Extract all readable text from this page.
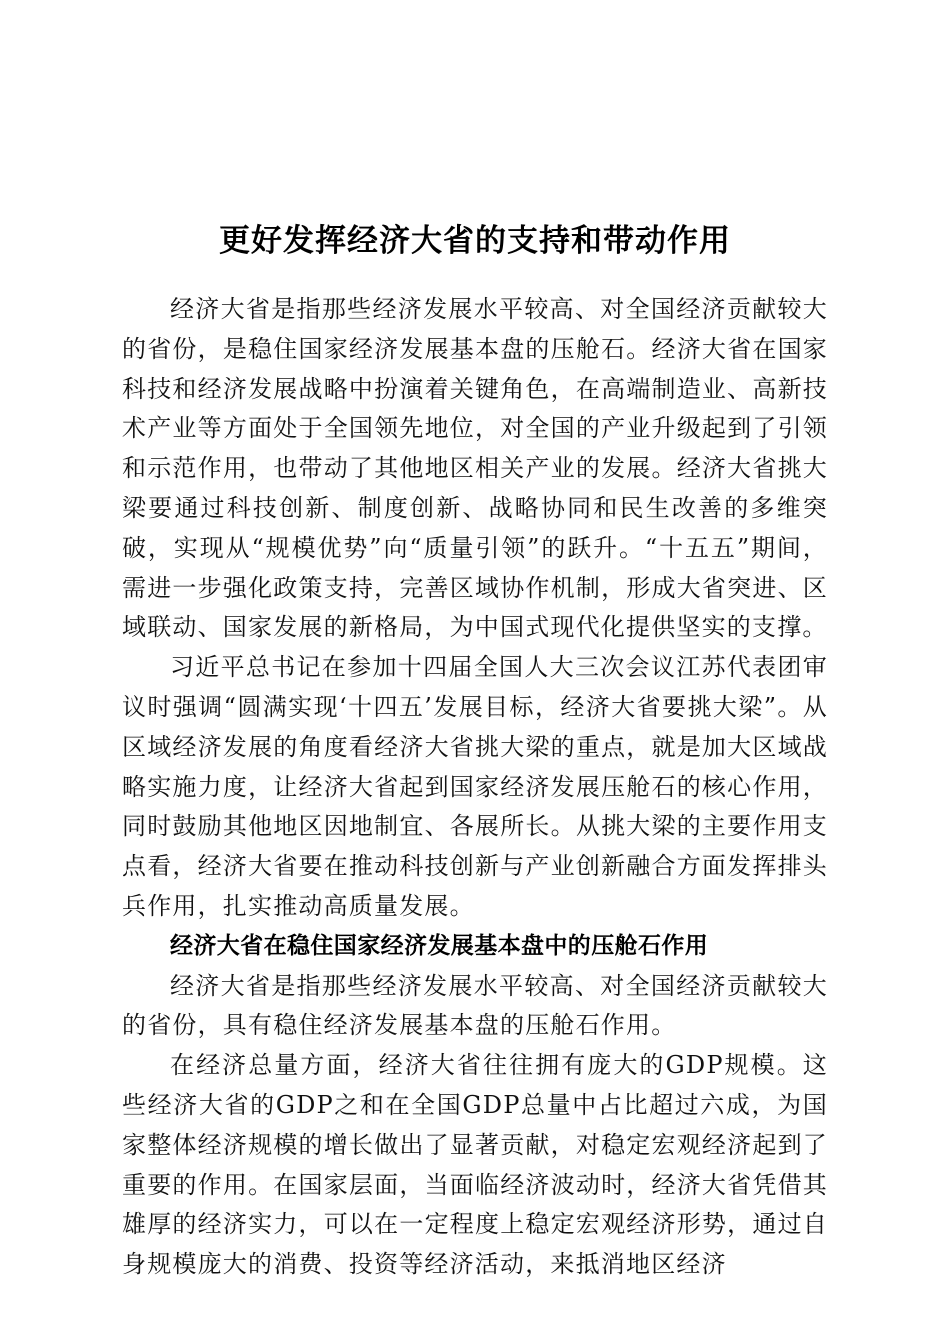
更好发挥经济大省的支持和带动作用

经济大省是指那些经济发展水平较高、对全国经济贡献较大的省份，是稳住国家经济发展基本盘的压舱石。经济大省在国家科技和经济发展战略中扮演着关键角色，在高端制造业、高新技术产业等方面处于全国领先地位，对全国的产业升级起到了引领和示范作用，也带动了其他地区相关产业的发展。经济大省挑大梁要通过科技创新、制度创新、战略协同和民生改善的多维突破，实现从“规模优势”向“质量引领”的跃升。“十五五”期间，需进一步强化政策支持，完善区域协作机制，形成大省突进、区域联动、国家发展的新格局，为中国式现代化提供坚实的支撑。

习近平总书记在参加十四届全国人大三次会议江苏代表团审议时强调“圆满实现‘十四五’发展目标，经济大省要挑大梁”。从区域经济发展的角度看经济大省挑大梁的重点，就是加大区域战略实施力度，让经济大省起到国家经济发展压舱石的核心作用，同时鼓励其他地区因地制宜、各展所长。从挑大梁的主要作用支点看，经济大省要在推动科技创新与产业创新融合方面发挥排头兵作用，扎实推动高质量发展。

经济大省在稳住国家经济发展基本盘中的压舱石作用

经济大省是指那些经济发展水平较高、对全国经济贡献较大的省份，具有稳住经济发展基本盘的压舱石作用。

在经济总量方面，经济大省往往拥有庞大的GDP规模。这些经济大省的GDP之和在全国GDP总量中占比超过六成，为国家整体经济规模的增长做出了显著贡献，对稳定宏观经济起到了重要的作用。在国家层面，当面临经济波动时，经济大省凭借其雄厚的经济实力，可以在一定程度上稳定宏观经济形势，通过自身规模庞大的消费、投资等经济活动，来抵消地区经济
